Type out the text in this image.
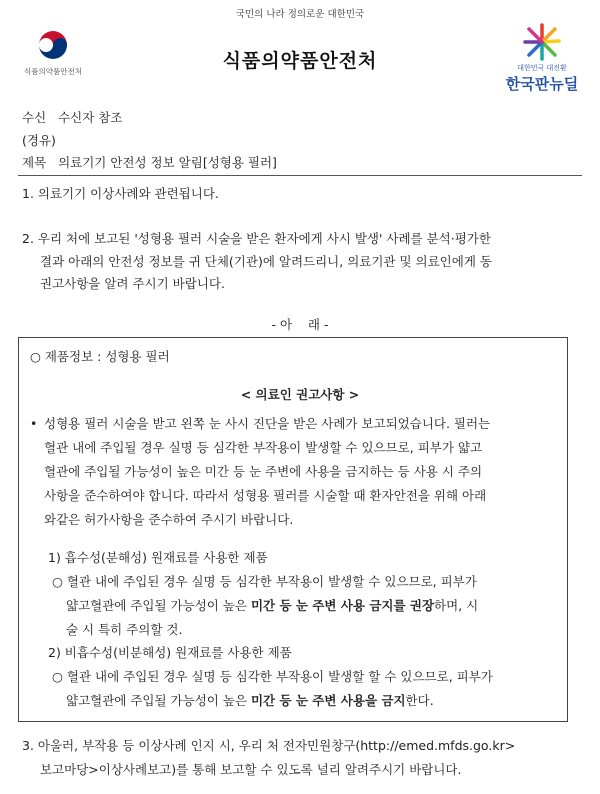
국민의 나라 정의로운 대한민국
식품의약품안전처	식품의약품안전처	대한민국 대전환
한국판뉴딜
수신 수신자 참조
(경유)
제목 의료기기 안전성 정보 알림[성형용 필러]
1. 의료기기 이상사례와 관련됩니다.
2. 우리 처에 보고된 '성형용 필러 시술을 받은 환자에게 사시 발생' 사례를 분석·평가한
결과 아래의 안전성 정보를 귀 단체(기관)에 알려드리니, 의료기관 및 의료인에게 동
권고사항을 알려 주시기 바랍니다.
- 아    래 -
○ 제품정보 : 성형용 필러
< 의료인 권고사항 >
• 성형용 필러 시술을 받고 왼쪽 눈 사시 진단을 받은 사례가 보고되었습니다. 필러는
혈관 내에 주입될 경우 실명 등 심각한 부작용이 발생할 수 있으므로, 피부가 얇고
혈관에 주입될 가능성이 높은 미간 등 눈 주변에 사용을 금지하는 등 사용 시 주의
사항을 준수하여야 합니다. 따라서 성형용 필러를 시술할 때 환자안전을 위해 아래
와같은 허가사항을 준수하여 주시기 바랍니다.
1) 흡수성(분해성) 원재료를 사용한 제품
○ 혈관 내에 주입된 경우 실명 등 심각한 부작용이 발생할 수 있으므로, 피부가
얇고혈관에 주입될 가능성이 높은 미간 등 눈 주변 사용 금지를 권장하며, 시
술 시 특히 주의할 것.
2) 비흡수성(비분해성) 원재료를 사용한 제품
○ 혈관 내에 주입된 경우 실명 등 심각한 부작용이 발생할 할 수 있으므로, 피부가
얇고혈관에 주입될 가능성이 높은 미간 등 눈 주변 사용을 금지한다.
3. 아울러, 부작용 등 이상사례 인지 시, 우리 처 전자민원창구(http://emed.mfds.go.kr>
보고마당>이상사례보고)를 통해 보고할 수 있도록 널리 알려주시기 바랍니다.
